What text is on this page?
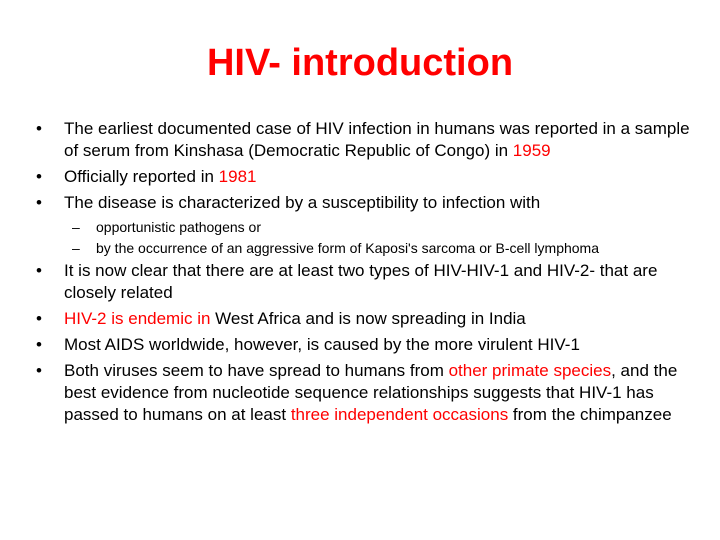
HIV- introduction
• The earliest documented case of HIV infection in humans was reported in a sample of serum from Kinshasa (Democratic Republic of Congo) in 1959
• Officially reported in 1981
• The disease is characterized by a susceptibility to infection with
– opportunistic pathogens or
– by the occurrence of an aggressive form of Kaposi's sarcoma or B-cell lymphoma
• It is now clear that there are at least two types of HIV-HIV-1 and HIV-2- that are closely related
• HIV-2 is endemic in West Africa and is now spreading in India
• Most AIDS worldwide, however, is caused by the more virulent HIV-1
• Both viruses seem to have spread to humans from other primate species, and the best evidence from nucleotide sequence relationships suggests that HIV-1 has passed to humans on at least three independent occasions from the chimpanzee
